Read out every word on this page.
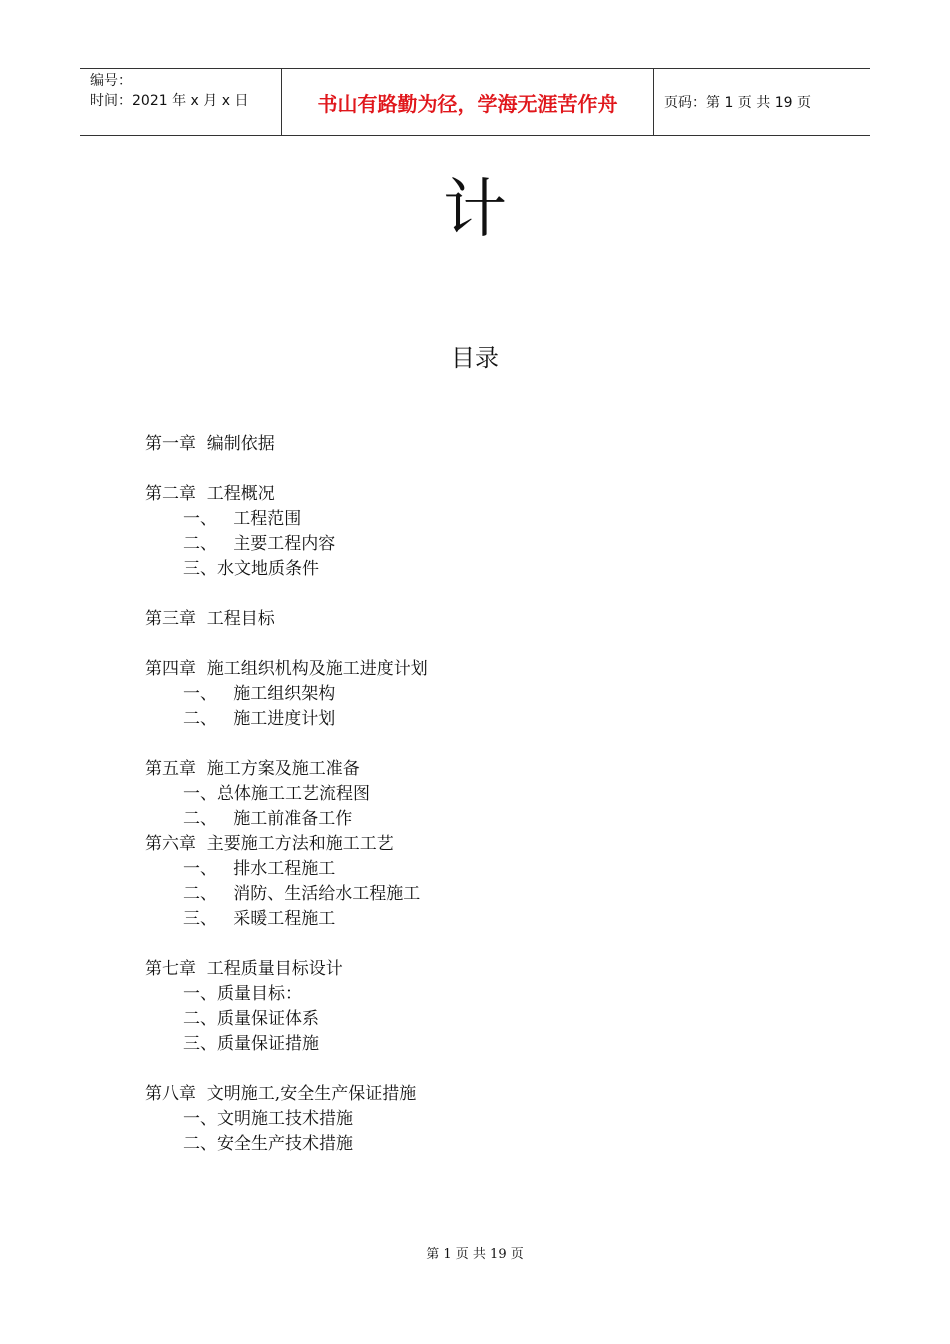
编号：
时间：2021 年 x 月 x 日	书山有路勤为径，学海无涯苦作舟	页码：第 1 页 共 19 页
计
目录
第一章  编制依据
第二章  工程概况
一、   工程范围
二、   主要工程内容
三、水文地质条件
第三章  工程目标
第四章  施工组织机构及施工进度计划
一、   施工组织架构
二、   施工进度计划
第五章  施工方案及施工准备
一、总体施工工艺流程图
二、   施工前准备工作
第六章  主要施工方法和施工工艺
一、   排水工程施工
二、   消防、生活给水工程施工
三、   采暖工程施工
第七章  工程质量目标设计
一、质量目标：
二、质量保证体系
三、质量保证措施
第八章  文明施工,安全生产保证措施
一、文明施工技术措施
二、安全生产技术措施
第 1 页 共 19 页
